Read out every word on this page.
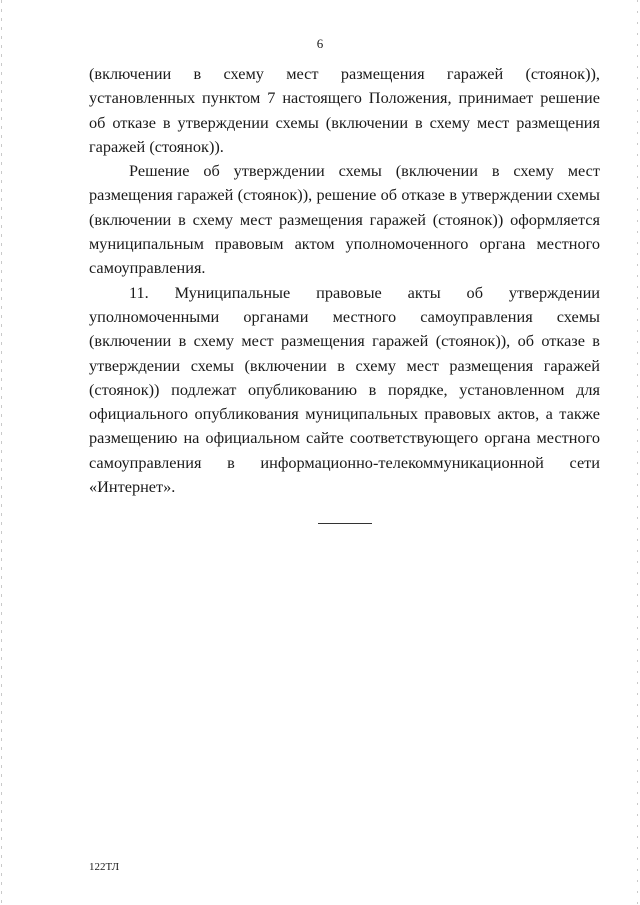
6

(включении в схему мест размещения гаражей (стоянок)), установленных пунктом 7 настоящего Положения, принимает решение об отказе в утверждении схемы (включении в схему мест размещения гаражей (стоянок)).

Решение об утверждении схемы (включении в схему мест размещения гаражей (стоянок)), решение об отказе в утверждении схемы (включении в схему мест размещения гаражей (стоянок)) оформляется муниципальным правовым актом уполномоченного органа местного самоуправления.

11. Муниципальные правовые акты об утверждении уполномоченными органами местного самоуправления схемы (включении в схему мест размещения гаражей (стоянок)), об отказе в утверждении схемы (включении в схему мест размещения гаражей (стоянок)) подлежат опубликованию в порядке, установленном для официального опубликования муниципальных правовых актов, а также размещению на официальном сайте соответствующего органа местного самоуправления в информационно-телекоммуникационной сети «Интернет».

122ТЛ
